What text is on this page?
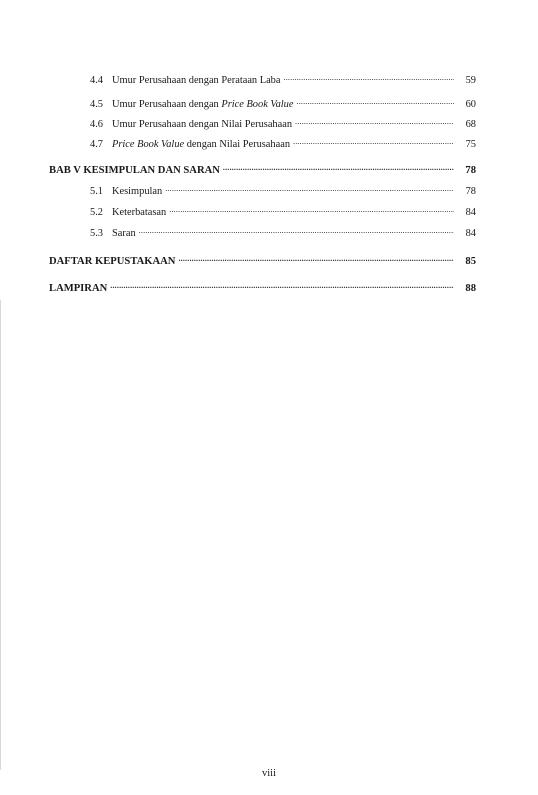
4.4 Umur Perusahaan dengan Perataan Laba .....	59
4.5 Umur Perusahaan dengan Price Book Value .....	60
4.6 Umur Perusahaan dengan Nilai Perusahaan .....	68
4.7 Price Book Value dengan Nilai Perusahaan .....	75
BAB V KESIMPULAN DAN SARAN .....	78
5.1 Kesimpulan .....	78
5.2 Keterbatasan .....	84
5.3 Saran .....	84
DAFTAR KEPUSTAKAAN .....	85
LAMPIRAN .....	88
viii
